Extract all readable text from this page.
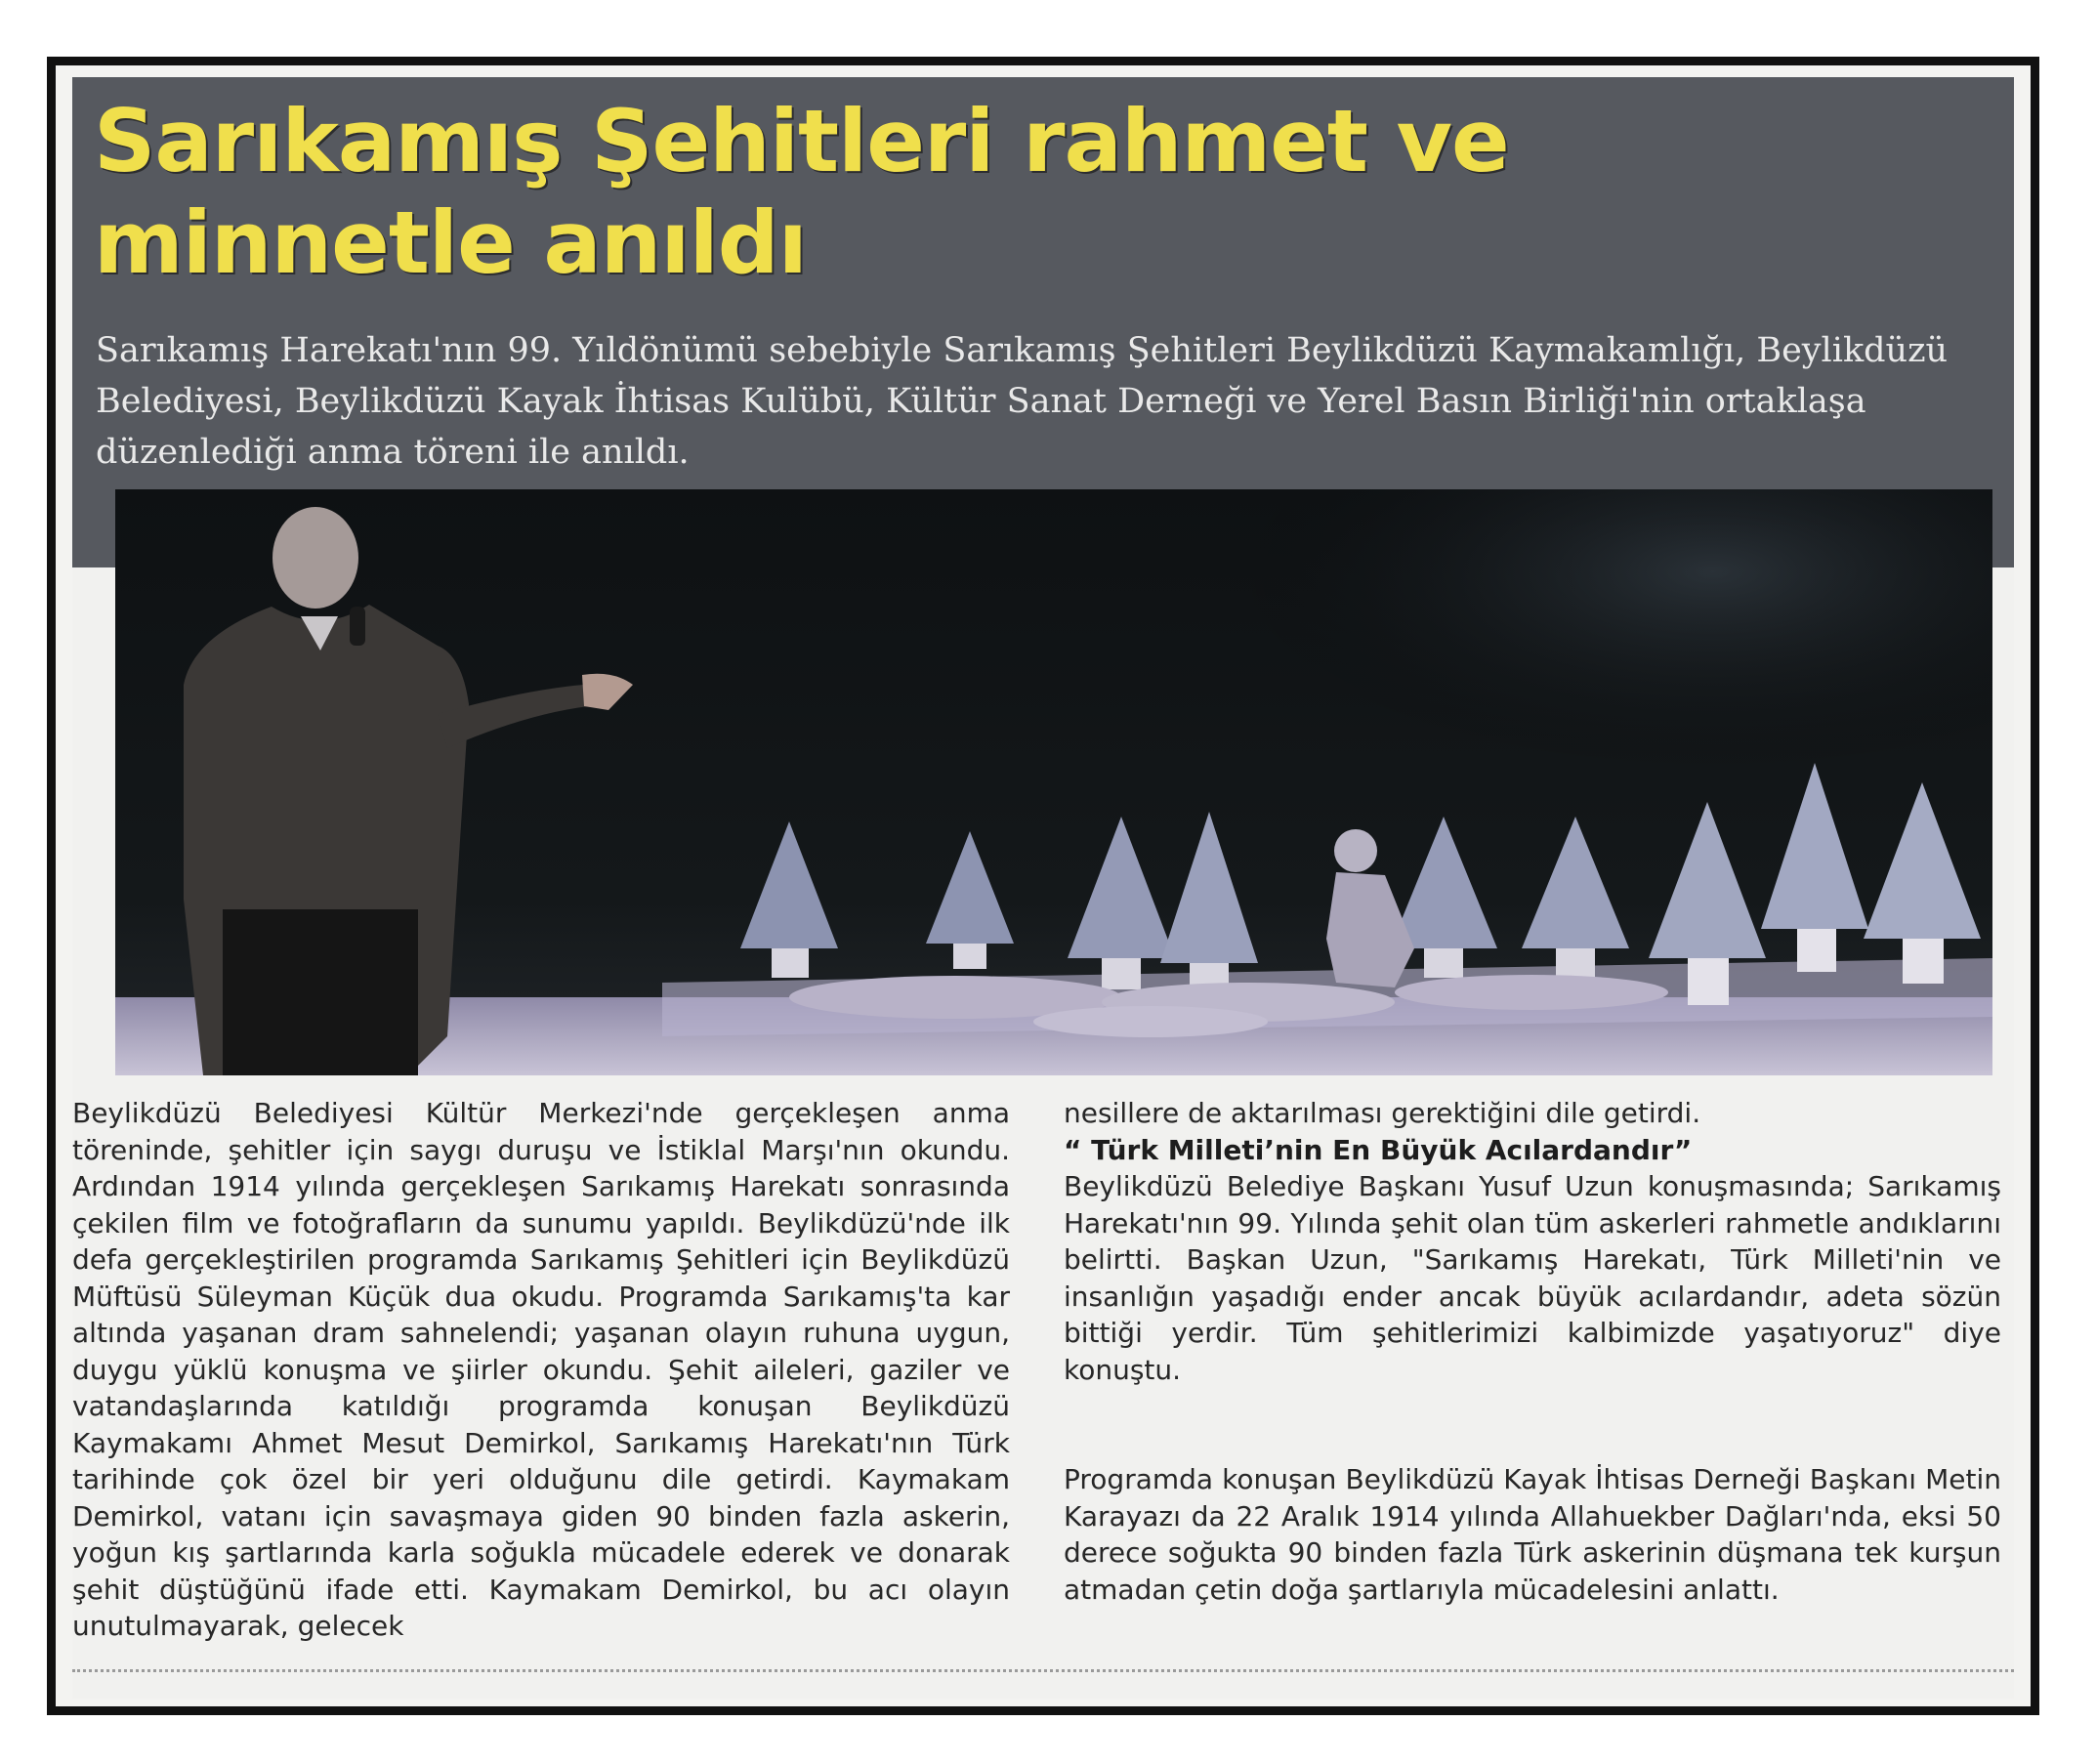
Sarıkamış Şehitleri rahmet ve minnetle anıldı

Sarıkamış Harekatı'nın 99. Yıldönümü sebebiyle Sarıkamış Şehitleri Beylikdüzü Kaymakamlığı, Beylikdüzü Belediyesi, Beylikdüzü Kayak İhtisas Kulübü, Kültür Sanat Derneği ve Yerel Basın Birliği'nin ortaklaşa düzenlediği anma töreni ile anıldı.

Beylikdüzü Belediyesi Kültür Merkezi'nde gerçekleşen anma töreninde, şehitler için saygı duruşu ve İstiklal Marşı'nın okundu. Ardından 1914 yılında gerçekleşen Sarıkamış Harekatı sonrasında çekilen film ve fotoğrafların da sunumu yapıldı. Beylikdüzü'nde ilk defa gerçekleştirilen programda Sarıkamış Şehitleri için Beylikdüzü Müftüsü Süleyman Küçük dua okudu. Programda Sarıkamış'ta kar altında yaşanan dram sahnelendi; yaşanan olayın ruhuna uygun, duygu yüklü konuşma ve şiirler okundu. Şehit aileleri, gaziler ve vatandaşlarında katıldığı programda konuşan Beylikdüzü Kaymakamı Ahmet Mesut Demirkol, Sarıkamış Harekatı'nın Türk tarihinde çok özel bir yeri olduğunu dile getirdi. Kaymakam Demirkol, vatanı için savaşmaya giden 90 binden fazla askerin, yoğun kış şartlarında karla soğukla mücadele ederek ve donarak şehit düştüğünü ifade etti. Kaymakam Demirkol, bu acı olayın unutulmayarak, gelecek

nesillere de aktarılması gerektiğini dile getirdi.

“ Türk Milleti’nin En Büyük Acılardandır”

Beylikdüzü Belediye Başkanı Yusuf Uzun konuşmasında; Sarıkamış Harekatı'nın 99. Yılında şehit olan tüm askerleri rahmetle andıklarını belirtti. Başkan Uzun, "Sarıkamış Harekatı, Türk Milleti'nin ve insanlığın yaşadığı ender ancak büyük acılardandır, adeta sözün bittiği yerdir. Tüm şehitlerimizi kalbimizde yaşatıyoruz" diye konuştu.

Programda konuşan Beylikdüzü Kayak İhtisas Derneği Başkanı Metin Karayazı da 22 Aralık 1914 yılında Allahuekber Dağları'nda, eksi 50 derece soğukta 90 binden fazla Türk askerinin düşmana tek kurşun atmadan çetin doğa şartlarıyla mücadelesini anlattı.
